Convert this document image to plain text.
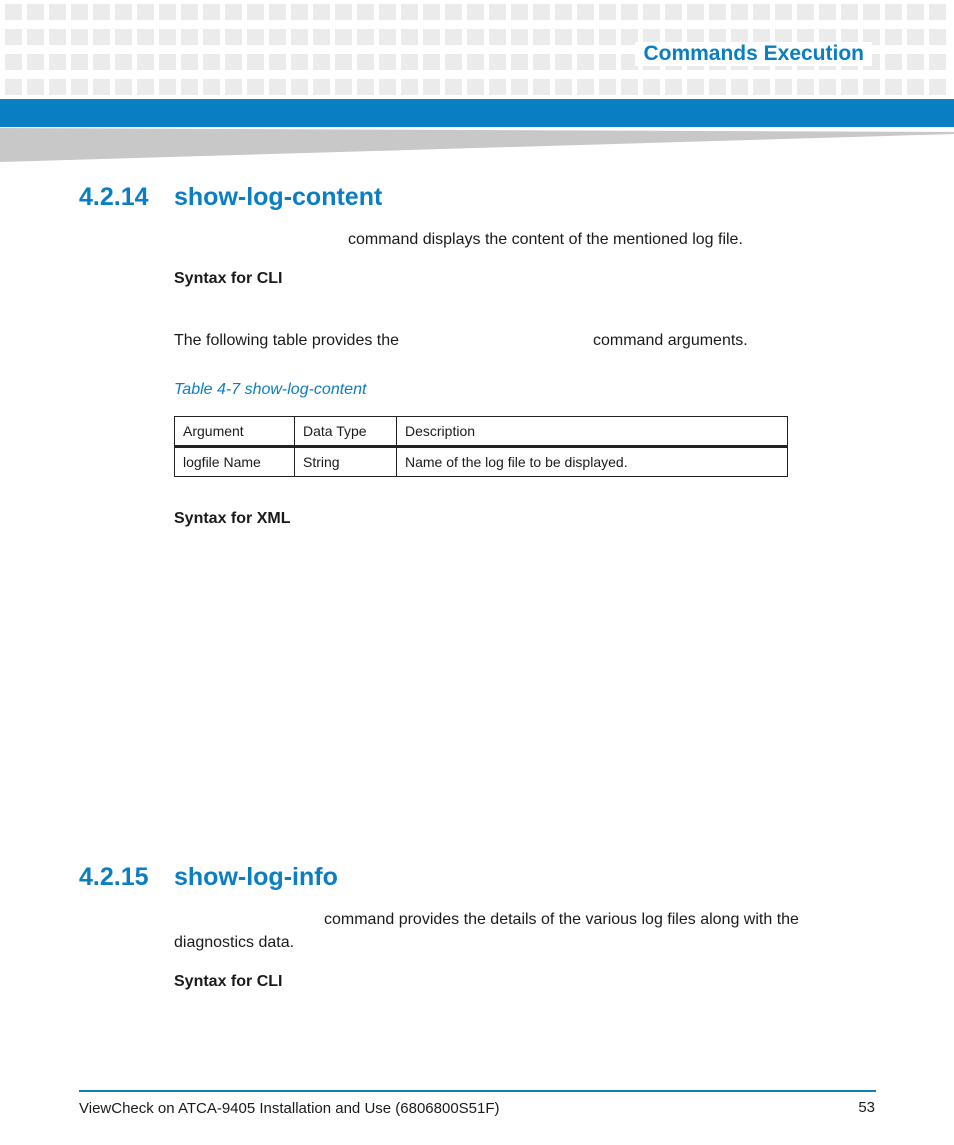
Commands Execution
4.2.14 show-log-content

command displays the content of the mentioned log file.

Syntax for CLI

The following table provides the	command arguments.

Table 4-7 show-log-content

Argument	Data Type	Description
logfile Name	String	Name of the log file to be displayed.

Syntax for XML

4.2.15 show-log-info

command provides the details of the various log files along with the

diagnostics data.

Syntax for CLI

ViewCheck on ATCA-9405 Installation and Use (6806800S51F)	53
